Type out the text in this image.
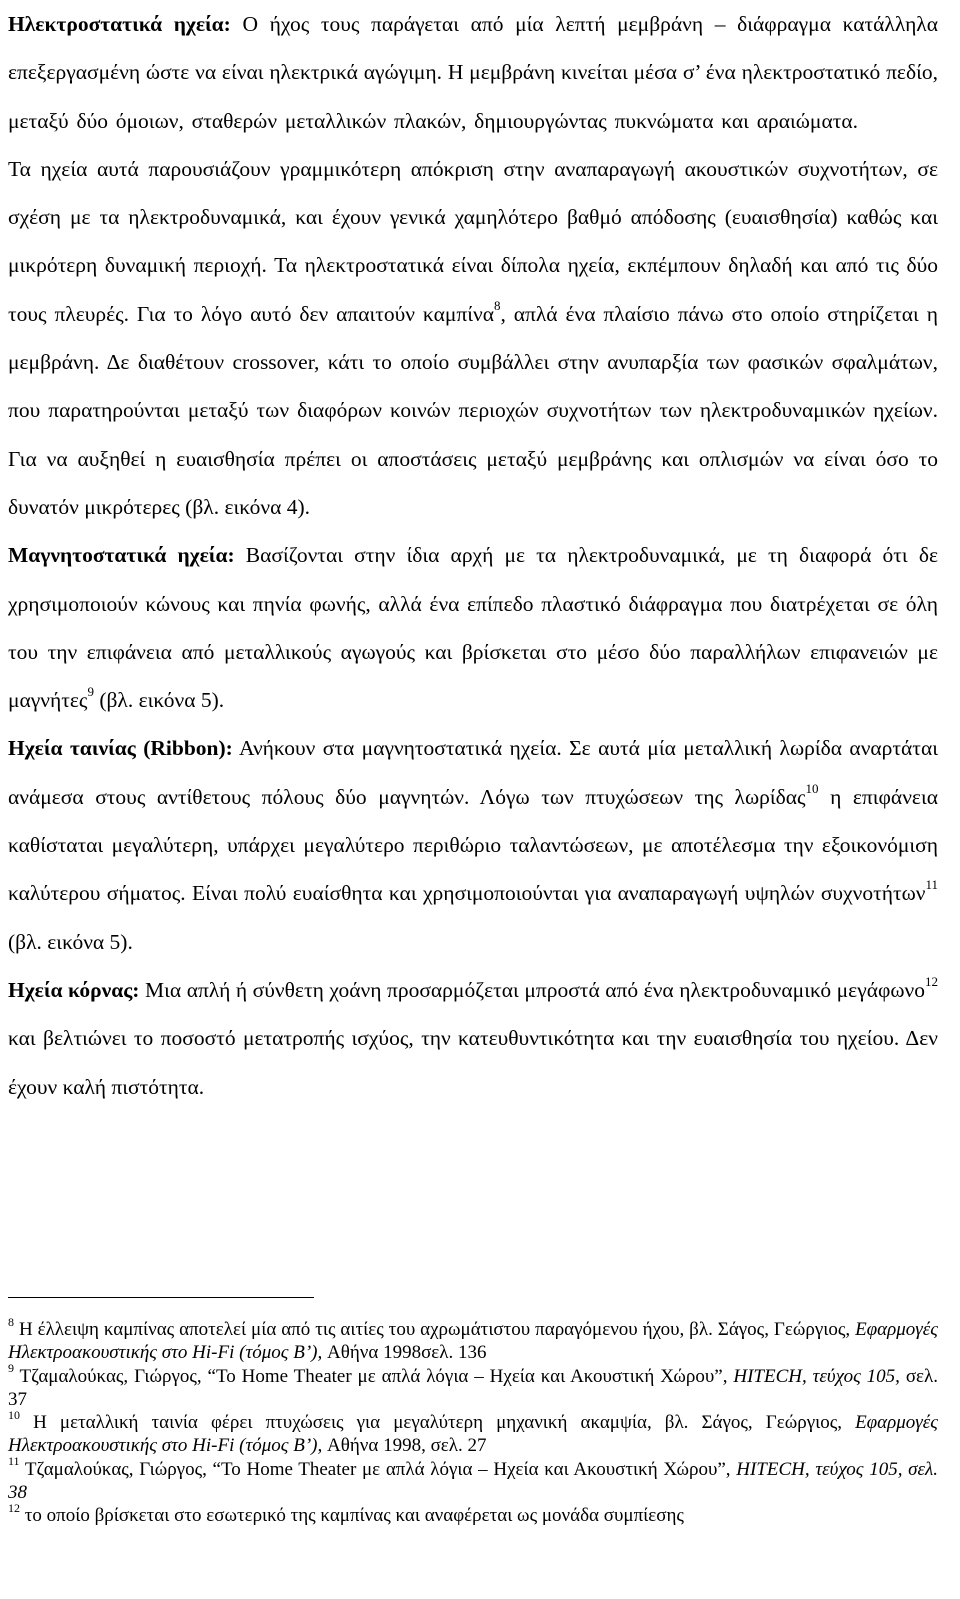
Ηλεκτροστατικά ηχεία: Ο ήχος τους παράγεται από μία λεπτή μεμβράνη – διάφραγμα κατάλληλα επεξεργασμένη ώστε να είναι ηλεκτρικά αγώγιμη. Η μεμβράνη κινείται μέσα σ’ ένα ηλεκτροστατικό πεδίο, μεταξύ δύο όμοιων, σταθερών μεταλλικών πλακών, δημιουργώντας πυκνώματα και αραιώματα.Τα ηχεία αυτά παρουσιάζουν γραμμικότερη απόκριση στην αναπαραγωγή ακουστικών συχνοτήτων, σε σχέση με τα ηλεκτροδυναμικά, και έχουν γενικά χαμηλότερο βαθμό απόδοσης (ευαισθησία) καθώς και μικρότερη δυναμική περιοχή. Τα ηλεκτροστατικά είναι δίπολα ηχεία, εκπέμπουν δηλαδή και από τις δύο τους πλευρές. Για το λόγο αυτό δεν απαιτούν καμπίνα$^8$, απλά ένα πλαίσιο πάνω στο οποίο στηρίζεται η μεμβράνη. Δε διαθέτουν crossover, κάτι το οποίο συμβάλλει στην ανυπαρξία των φασικών σφαλμάτων, που παρατηρούνται μεταξύ των διαφόρων κοινών περιοχών συχνοτήτων των ηλεκτροδυναμικών ηχείων. Για να αυξηθεί η ευαισθησία πρέπει οι αποστάσεις μεταξύ μεμβράνης και οπλισμών να είναι όσο το δυνατόν μικρότερες (βλ. εικόνα 4).

Μαγνητοστατικά ηχεία: Βασίζονται στην ίδια αρχή με τα ηλεκτροδυναμικά, με τη διαφορά ότι δε χρησιμοποιούν κώνους και πηνία φωνής, αλλά ένα επίπεδο πλαστικό διάφραγμα που διατρέχεται σε όλη του την επιφάνεια από μεταλλικούς αγωγούς και βρίσκεται στο μέσο δύο παραλλήλων επιφανειών με μαγνήτες$^9$ (βλ. εικόνα 5).

Ηχεία ταινίας (Ribbon): Ανήκουν στα μαγνητοστατικά ηχεία. Σε αυτά μία μεταλλική λωρίδα αναρτάται ανάμεσα στους αντίθετους πόλους δύο μαγνητών. Λόγω των πτυχώσεων της λωρίδας$^{10}$ η επιφάνεια καθίσταται μεγαλύτερη, υπάρχει μεγαλύτερο περιθώριο ταλαντώσεων, με αποτέλεσμα την εξοικονόμιση καλύτερου σήματος. Είναι πολύ ευαίσθητα και χρησιμοποιούνται για αναπαραγωγή υψηλών συχνοτήτων$^{11}$ (βλ. εικόνα 5).

Ηχεία κόρνας: Μια απλή ή σύνθετη χοάνη προσαρμόζεται μπροστά από ένα ηλεκτροδυναμικό μεγάφωνο$^{12}$ και βελτιώνει το ποσοστό μετατροπής ισχύος, την κατευθυντικότητα και την ευαισθησία του ηχείου. Δεν έχουν καλή πιστότητα.

$^8$ Η έλλειψη καμπίνας αποτελεί μία από τις αιτίες του αχρωμάτιστου παραγόμενου ήχου, βλ. Σάγος, Γεώργιος, Εφαρμογές Ηλεκτροακουστικής στο Hi-Fi (τόμος Β’), Αθήνα 1998σελ. 136

$^9$ Τζαμαλούκας, Γιώργος, “Το Home Theater με απλά λόγια – Ηχεία και Ακουστική Χώρου”, HITECH, τεύχος 105, σελ. 37

$^{10}$ Η μεταλλική ταινία φέρει πτυχώσεις για μεγαλύτερη μηχανική ακαμψία, βλ. Σάγος, Γεώργιος, Εφαρμογές Ηλεκτροακουστικής στο Hi-Fi (τόμος Β’), Αθήνα 1998, σελ. 27

$^{11}$ Τζαμαλούκας, Γιώργος, “Το Home Theater με απλά λόγια – Ηχεία και Ακουστική Χώρου”, HITECH, τεύχος 105, σελ. 38

$^{12}$ το οποίο βρίσκεται στο εσωτερικό της καμπίνας και αναφέρεται ως μονάδα συμπίεσης
